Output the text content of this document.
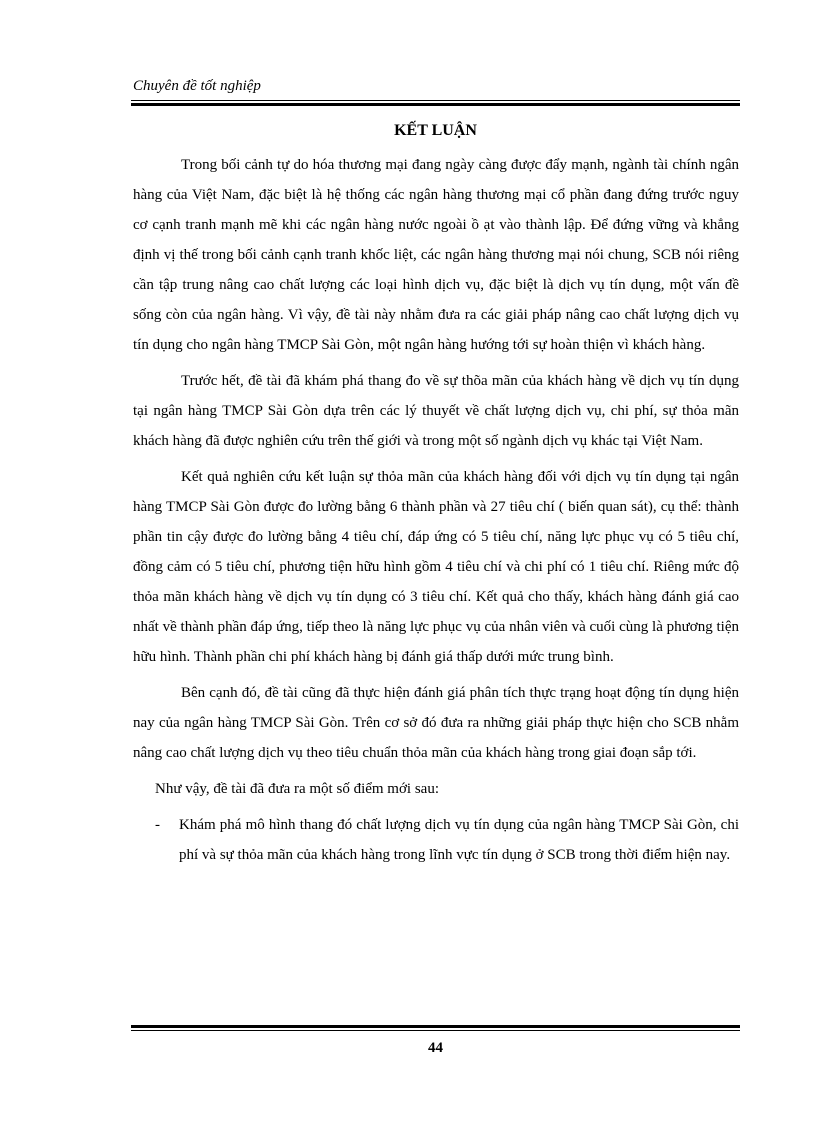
Chuyên đề tốt nghiệp
KẾT LUẬN

Trong bối cảnh tự do hóa thương mại đang ngày càng được đẩy mạnh, ngành tài chính ngân hàng của Việt Nam, đặc biệt là hệ thống các ngân hàng thương mại cổ phần đang đứng trước nguy cơ cạnh tranh mạnh mẽ khi các ngân hàng nước ngoài ồ ạt vào thành lập. Để đứng vững và khẳng định vị thế trong bối cảnh cạnh tranh khốc liệt, các ngân hàng thương mại nói chung, SCB nói riêng cần tập trung nâng cao chất lượng các loại hình dịch vụ, đặc biệt là dịch vụ tín dụng, một vấn đề sống còn của ngân hàng. Vì vậy, đề tài này nhằm đưa ra các giải pháp nâng cao chất lượng dịch vụ tín dụng cho ngân hàng TMCP Sài Gòn, một ngân hàng hướng tới sự hoàn thiện vì khách hàng.

Trước hết, đề tài đã khám phá thang đo về sự thõa mãn của khách hàng về dịch vụ tín dụng tại ngân hàng TMCP Sài Gòn dựa trên các lý thuyết về chất lượng dịch vụ, chi phí, sự thỏa mãn khách hàng đã được nghiên cứu trên thế giới và trong một số ngành dịch vụ khác tại Việt Nam.

Kết quả nghiên cứu kết luận sự thỏa mãn của khách hàng đối với dịch vụ tín dụng tại ngân hàng TMCP Sài Gòn được đo lường bằng 6 thành phần và 27 tiêu chí ( biến quan sát), cụ thể: thành phần tin cậy được đo lường bằng 4 tiêu chí, đáp ứng có 5 tiêu chí, năng lực phục vụ có 5 tiêu chí, đồng cảm có 5 tiêu chí, phương tiện hữu hình gồm 4 tiêu chí và chi phí có 1 tiêu chí. Riêng mức độ thỏa mãn khách hàng về dịch vụ tín dụng có 3 tiêu chí. Kết quả cho thấy, khách hàng đánh giá cao nhất về thành phần đáp ứng, tiếp theo là năng lực phục vụ của nhân viên và cuối cùng là phương tiện hữu hình. Thành phần chi phí khách hàng bị đánh giá thấp dưới mức trung bình.

Bên cạnh đó, đề tài cũng đã thực hiện đánh giá phân tích thực trạng hoạt động tín dụng hiện nay của ngân hàng TMCP Sài Gòn. Trên cơ sở đó đưa ra những giải pháp thực hiện cho SCB nhằm nâng cao chất lượng dịch vụ theo tiêu chuẩn thỏa mãn của khách hàng trong giai đoạn sắp tới.

Như vậy, đề tài đã đưa ra một số điểm mới sau:

-	Khám phá mô hình thang đó chất lượng dịch vụ tín dụng của ngân hàng TMCP Sài Gòn, chi phí và sự thỏa mãn của khách hàng trong lĩnh vực tín dụng ở SCB trong thời điểm hiện nay.
44
